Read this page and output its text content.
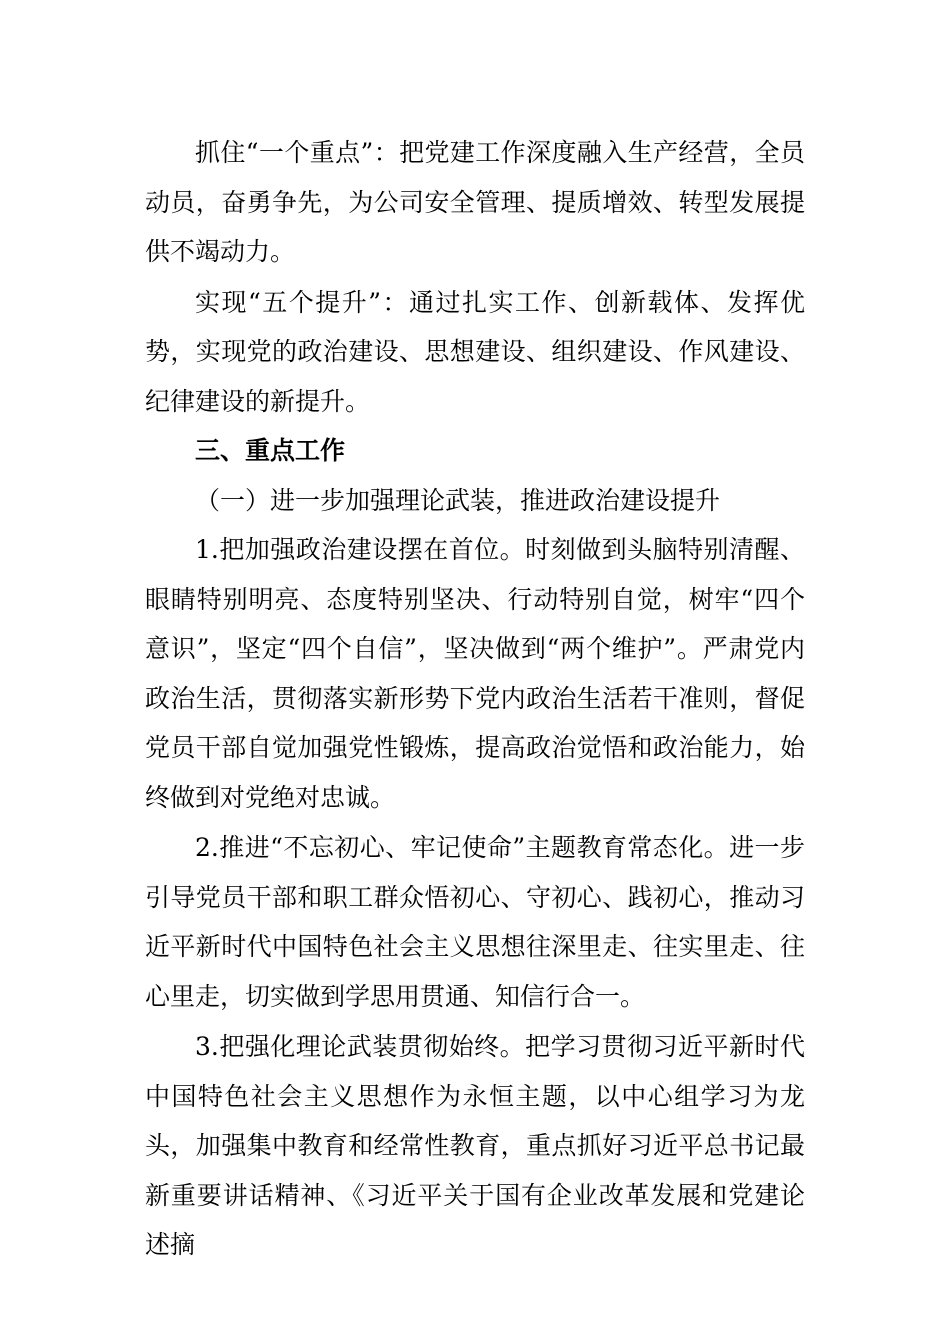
抓住“一个重点”：把党建工作深度融入生产经营，全员动员，奋勇争先，为公司安全管理、提质增效、转型发展提供不竭动力。

实现“五个提升”：通过扎实工作、创新载体、发挥优势，实现党的政治建设、思想建设、组织建设、作风建设、纪律建设的新提升。

三、重点工作
（一）进一步加强理论武装，推进政治建设提升

1.把加强政治建设摆在首位。时刻做到头脑特别清醒、眼睛特别明亮、态度特别坚决、行动特别自觉，树牢“四个意识”，坚定“四个自信”，坚决做到“两个维护”。严肃党内政治生活，贯彻落实新形势下党内政治生活若干准则，督促党员干部自觉加强党性锻炼，提高政治觉悟和政治能力，始终做到对党绝对忠诚。

2.推进“不忘初心、牢记使命”主题教育常态化。进一步引导党员干部和职工群众悟初心、守初心、践初心，推动习近平新时代中国特色社会主义思想往深里走、往实里走、往心里走，切实做到学思用贯通、知信行合一。

3.把强化理论武装贯彻始终。把学习贯彻习近平新时代中国特色社会主义思想作为永恒主题，以中心组学习为龙头，加强集中教育和经常性教育，重点抓好习近平总书记最新重要讲话精神、《习近平关于国有企业改革发展和党建论述摘
